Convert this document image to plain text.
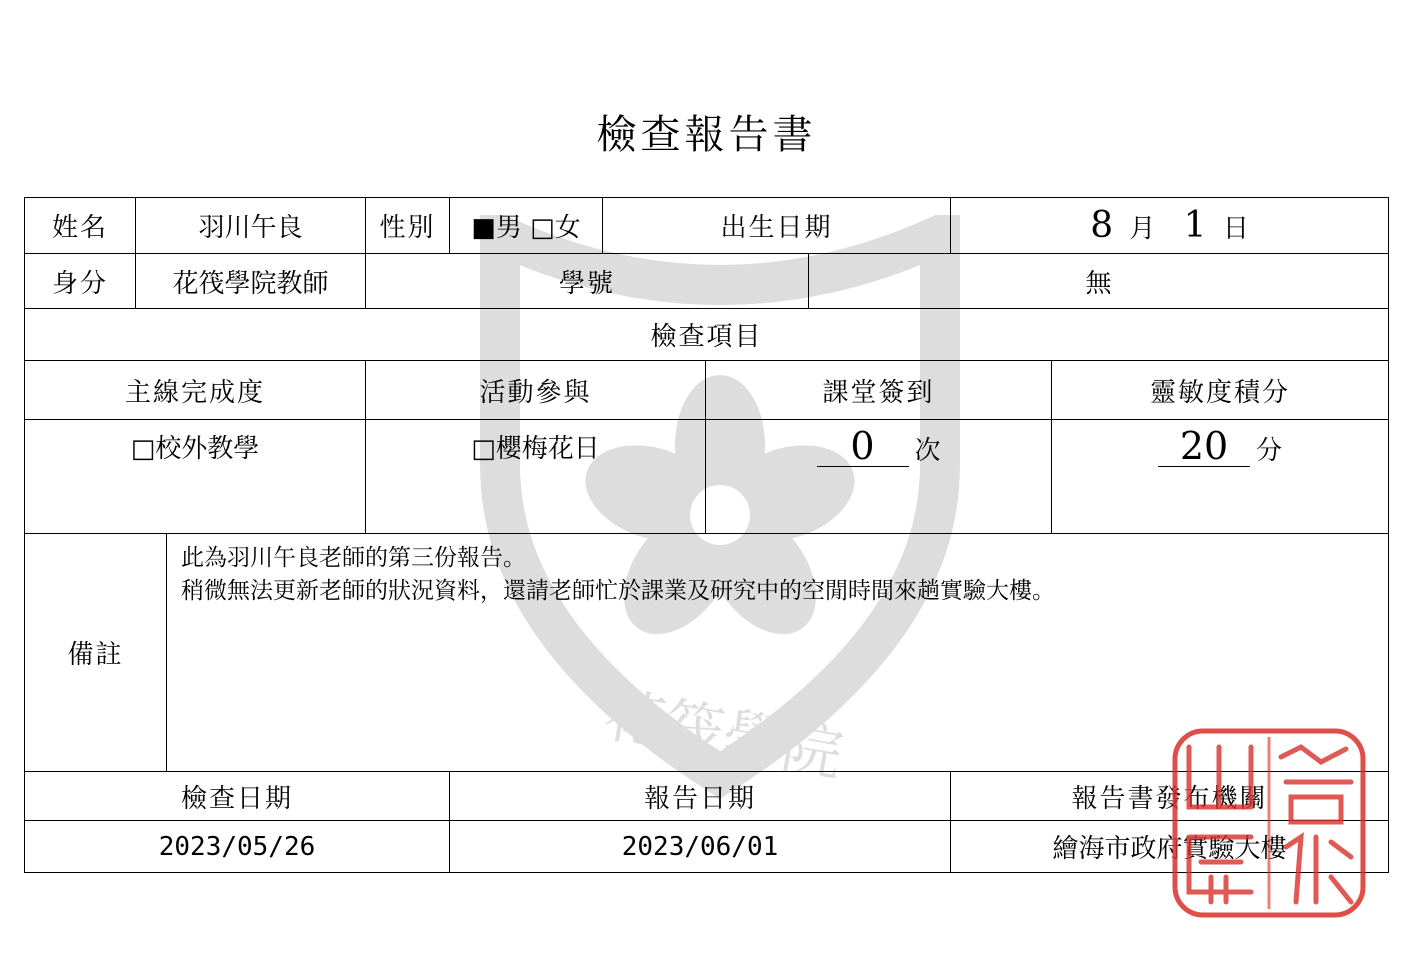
檢查報告書
花筏學院
姓名	羽川午良		性別	■男 □女	出生日期			8 月 1 日	
身分	花筏學院教師		學號				無		
檢查項目									
主線完成度			活動參與			課堂簽到			靈敏度積分
□校外教學			□櫻梅花日			0 次			20 分
備註		此為羽川午良老師的第三份報告。
稍微無法更新老師的狀況資料，還請老師忙於課業及研究中的空閒時間來趟實驗大樓。							

檢查日期				報告日期				報告書發布機關	
2023/05/26				2023/06/01				繪海市政府實驗大樓	
